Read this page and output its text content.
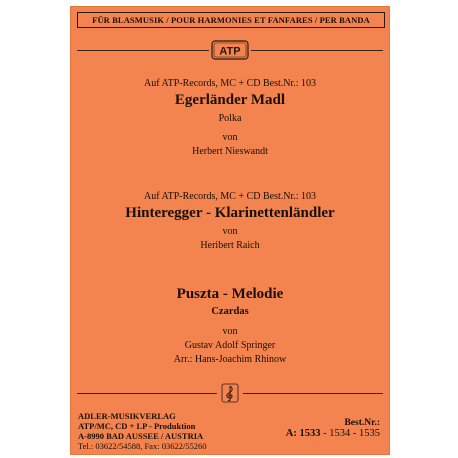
FÜR BLASMUSIK / POUR HARMONIES ET FANFARES / PER BANDA
ATP
Auf ATP-Records, MC + CD Best.Nr.: 103
Egerländer Madl
Polka
von
Herbert Nieswandt
Auf ATP-Records, MC + CD Best.Nr.: 103
Hinteregger - Klarinettenländler
von
Heribert Raich
Puszta - Melodie
Czardas
von
Gustav Adolf Springer
Arr.: Hans-Joachim Rhinow
ADLER-MUSIKVERLAG
ATP/MC, CD + LP - Produktion
A-8990 BAD AUSSEE / AUSTRIA
Tel.: 03622/54588, Fax: 03622/55260
Best.Nr.:
A: 1533 - 1534 - 1535
